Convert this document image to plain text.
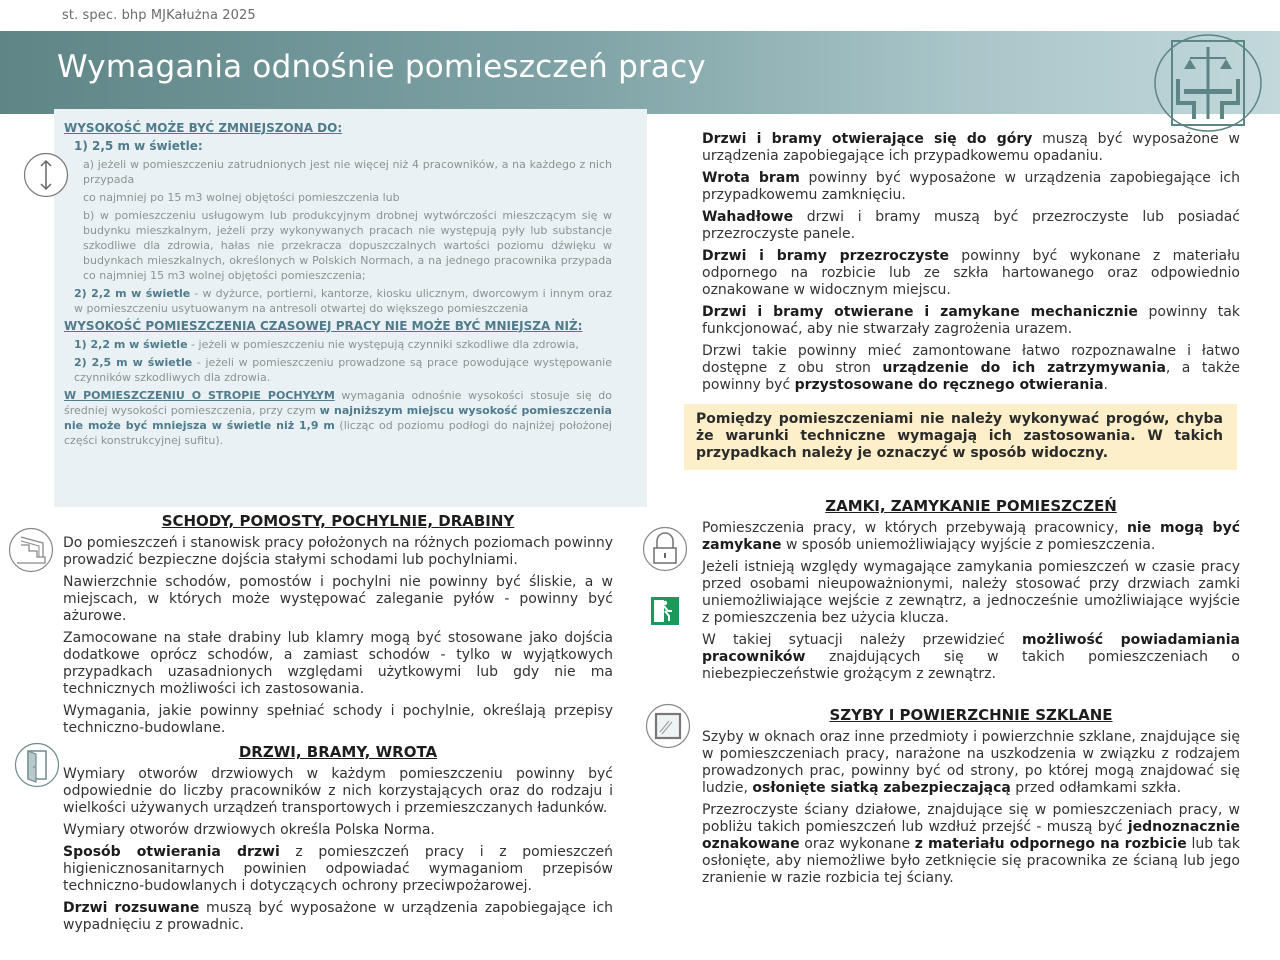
st. spec. bhp MJKałużna 2025
Wymagania odnośnie pomieszczeń pracy

WYSOKOŚĆ MOŻE BYĆ ZMNIEJSZONA DO:

1) 2,5 m w świetle:

a) jeżeli w pomieszczeniu zatrudnionych jest nie więcej niż 4 pracowników, a na każdego z nich przypada

co najmniej po 15 m3 wolnej objętości pomieszczenia lub

b) w pomieszczeniu usługowym lub produkcyjnym drobnej wytwórczości mieszczącym się w budynku mieszkalnym, jeżeli przy wykonywanych pracach nie występują pyły lub substancje szkodliwe dla zdrowia, hałas nie przekracza dopuszczalnych wartości poziomu dźwięku w budynkach mieszkalnych, określonych w Polskich Normach, a na jednego pracownika przypada co najmniej 15 m3 wolnej objętości pomieszczenia;

2) 2,2 m w świetle - w dyżurce, portierni, kantorze, kiosku ulicznym, dworcowym i innym oraz w pomieszczeniu usytuowanym na antresoli otwartej do większego pomieszczenia

WYSOKOŚĆ POMIESZCZENIA CZASOWEJ PRACY NIE MOŻE BYĆ MNIEJSZA NIŻ:

1) 2,2 m w świetle - jeżeli w pomieszczeniu nie występują czynniki szkodliwe dla zdrowia,

2) 2,5 m w świetle - jeżeli w pomieszczeniu prowadzone są prace powodujące występowanie czynników szkodliwych dla zdrowia.

W POMIESZCZENIU O STROPIE POCHYŁYM wymagania odnośnie wysokości stosuje się do średniej wysokości pomieszczenia, przy czym w najniższym miejscu wysokość pomieszczenia nie może być mniejsza w świetle niż 1,9 m (licząc od poziomu podłogi do najniżej położonej części konstrukcyjnej sufitu).

SCHODY, POMOSTY, POCHYLNIE, DRABINY

Do pomieszczeń i stanowisk pracy położonych na różnych poziomach powinny prowadzić bezpieczne dojścia stałymi schodami lub pochylniami.

Nawierzchnie schodów, pomostów i pochylni nie powinny być śliskie, a w miejscach, w których może występować zaleganie pyłów - powinny być ażurowe.

Zamocowane na stałe drabiny lub klamry mogą być stosowane jako dojścia dodatkowe oprócz schodów, a zamiast schodów - tylko w wyjątkowych przypadkach uzasadnionych względami użytkowymi lub gdy nie ma technicznych możliwości ich zastosowania.

Wymagania, jakie powinny spełniać schody i pochylnie, określają przepisy techniczno-budowlane.

DRZWI, BRAMY, WROTA

Wymiary otworów drzwiowych w każdym pomieszczeniu powinny być odpowiednie do liczby pracowników z nich korzystających oraz do rodzaju i wielkości używanych urządzeń transportowych i przemieszczanych ładunków.

Wymiary otworów drzwiowych określa Polska Norma.

Sposób otwierania drzwi z pomieszczeń pracy i z pomieszczeń higienicznosanitarnych powinien odpowiadać wymaganiom przepisów techniczno-budowlanych i dotyczących ochrony przeciwpożarowej.

Drzwi rozsuwane muszą być wyposażone w urządzenia zapobiegające ich wypadnięciu z prowadnic.

Drzwi i bramy otwierające się do góry muszą być wyposażone w urządzenia zapobiegające ich przypadkowemu opadaniu.

Wrota bram powinny być wyposażone w urządzenia zapobiegające ich przypadkowemu zamknięciu.

Wahadłowe drzwi i bramy muszą być przezroczyste lub posiadać przezroczyste panele.

Drzwi i bramy przezroczyste powinny być wykonane z materiału odpornego na rozbicie lub ze szkła hartowanego oraz odpowiednio oznakowane w widocznym miejscu.

Drzwi i bramy otwierane i zamykane mechanicznie powinny tak funkcjonować, aby nie stwarzały zagrożenia urazem.

Drzwi takie powinny mieć zamontowane łatwo rozpoznawalne i łatwo dostępne z obu stron urządzenie do ich zatrzymywania, a także powinny być przystosowane do ręcznego otwierania.

Pomiędzy pomieszczeniami nie należy wykonywać progów, chyba że warunki techniczne wymagają ich zastosowania. W takich przypadkach należy je oznaczyć w sposób widoczny.
ZAMKI, ZAMYKANIE POMIESZCZEŃ

Pomieszczenia pracy, w których przebywają pracownicy, nie mogą być zamykane w sposób uniemożliwiający wyjście z pomieszczenia.

Jeżeli istnieją względy wymagające zamykania pomieszczeń w czasie pracy przed osobami nieupoważnionymi, należy stosować przy drzwiach zamki uniemożliwiające wejście z zewnątrz, a jednocześnie umożliwiające wyjście z pomieszczenia bez użycia klucza.

W takiej sytuacji należy przewidzieć możliwość powiadamiania pracowników znajdujących się w takich pomieszczeniach o niebezpieczeństwie grożącym z zewnątrz.

SZYBY I POWIERZCHNIE SZKLANE

Szyby w oknach oraz inne przedmioty i powierzchnie szklane, znajdujące się w pomieszczeniach pracy, narażone na uszkodzenia w związku z rodzajem prowadzonych prac, powinny być od strony, po której mogą znajdować się ludzie, osłonięte siatką zabezpieczającą przed odłamkami szkła.

Przezroczyste ściany działowe, znajdujące się w pomieszczeniach pracy, w pobliżu takich pomieszczeń lub wzdłuż przejść - muszą być jednoznacznie oznakowane oraz wykonane z materiału odpornego na rozbicie lub tak osłonięte, aby niemożliwe było zetknięcie się pracownika ze ścianą lub jego zranienie w razie rozbicia tej ściany.
